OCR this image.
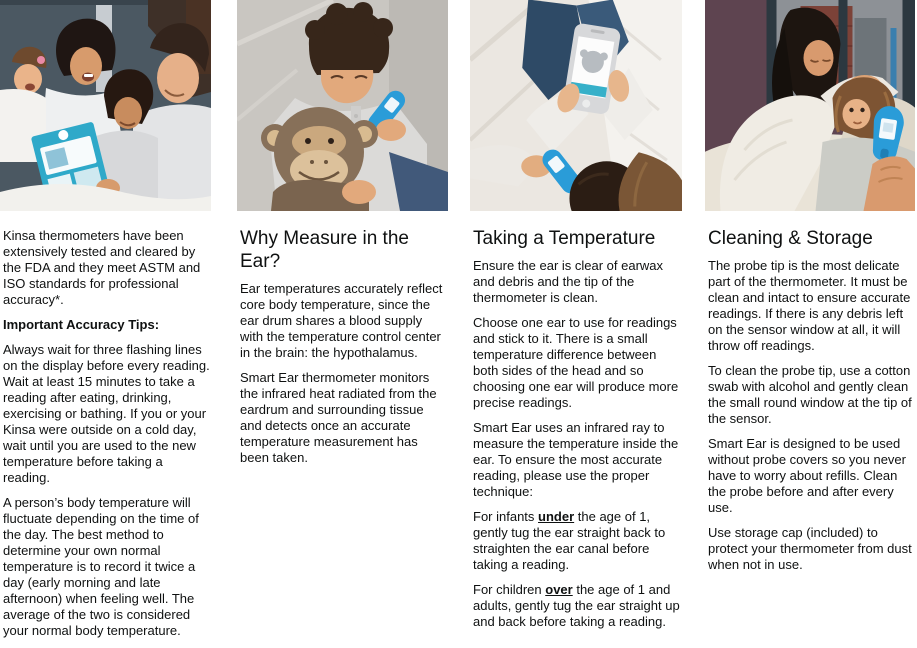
Kinsa thermometers have been extensively tested and cleared by the FDA and they meet ASTM and ISO standards for professional accuracy*.

Important Accuracy Tips:

Always wait for three flashing lines on the display before every reading. Wait at least 15 minutes to take a reading after eating, drinking, exercising or bathing. If you or your Kinsa were outside on a cold day, wait until you are used to the new temperature before taking a reading.

A person’s body temperature will fluctuate depending on the time of the day. The best method to determine your own normal temperature is to record it twice a day (early morning and late afternoon) when feeling well. The average of the two is considered your normal body temperature.

Why Measure in the Ear?

Ear temperatures accurately reflect core body temperature, since the ear drum shares a blood supply with the temperature control center in the brain: the hypothalamus.

Smart Ear thermometer monitors the infrared heat radiated from the eardrum and surrounding tissue and detects once an accurate temperature measurement has been taken.

Taking a Temperature

Ensure the ear is clear of earwax and debris and the tip of the thermometer is clean.

Choose one ear to use for readings and stick to it. There is a small temperature difference between both sides of the head and so choosing one ear will produce more precise readings.

Smart Ear uses an infrared ray to measure the temperature inside the ear. To ensure the most accurate reading, please use the proper technique:

For infants under the age of 1, gently tug the ear straight back to straighten the ear canal before taking a reading.

For children over the age of 1 and adults, gently tug the ear straight up and back before taking a reading.

Cleaning & Storage

The probe tip is the most delicate part of the thermometer. It must be clean and intact to ensure accurate readings. If there is any debris left on the sensor window at all, it will throw off readings.

To clean the probe tip, use a cotton swab with alcohol and gently clean the small round window at the tip of the sensor.

Smart Ear is designed to be used without probe covers so you never have to worry about refills. Clean the probe before and after every use.

Use storage cap (included) to protect your thermometer from dust when not in use.
